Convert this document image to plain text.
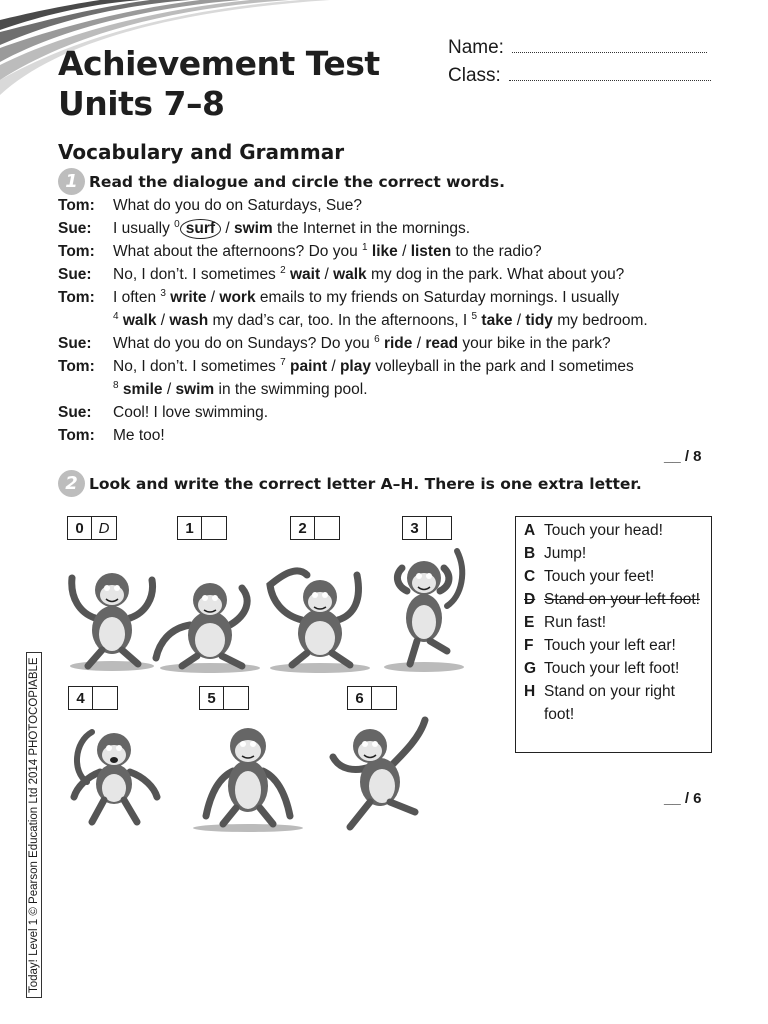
Achievement Test
Units 7–8
Name:
Class:
Vocabulary and Grammar
1 Read the dialogue and circle the correct words.
Tom:	What do you do on Saturdays, Sue?
Sue:	I usually $^0$ surf / swim the Internet in the mornings.
Tom:	What about the afternoons? Do you $^1$ like / listen to the radio?
Sue:	No, I don’t. I sometimes $^2$ wait / walk my dog in the park. What about you?
Tom:	I often $^3$ write / work emails to my friends on Saturday mornings. I usually
$^4$ walk / wash my dad’s car, too. In the afternoons, I $^5$ take / tidy my bedroom.
Sue:	What do you do on Sundays? Do you $^6$ ride / read your bike in the park?
Tom:	No, I don’t. I sometimes $^7$ paint / play volleyball in the park and I sometimes
$^8$ smile / swim in the swimming pool.
Sue:	Cool! I love swimming.
Tom:	Me too!
__ / 8
2 Look and write the correct letter A–H. There is one extra letter.
0 D	1	2	3
4	5	6
A Touch your head!
B Jump!
C Touch your feet!
D Stand on your left foot!
E Run fast!
F Touch your left ear!
G Touch your left foot!
H Stand on your right foot!
__ / 6
Today! Level 1 © Pearson Education Ltd 2014 PHOTOCOPIABLE
